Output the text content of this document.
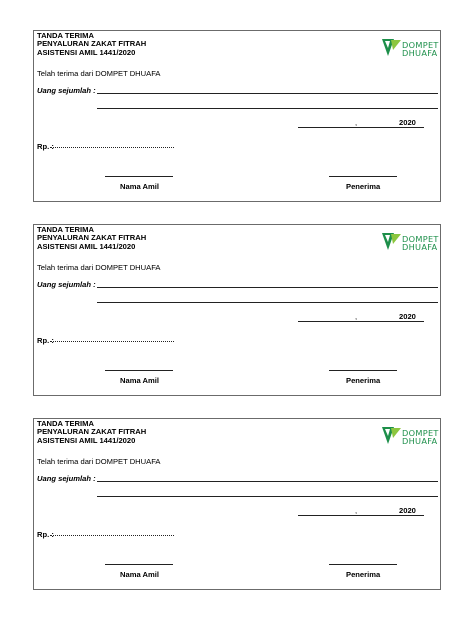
TANDA TERIMA
PENYALURAN ZAKAT FITRAH
ASISTENSI AMIL 1441/2020
DOMPET
DHUAFA
Telah terima dari DOMPET DHUAFA
Uang sejumlah :
,	2020
Rp. :
Nama Amil	Penerima
TANDA TERIMA
PENYALURAN ZAKAT FITRAH
ASISTENSI AMIL 1441/2020
DOMPET
DHUAFA
Telah terima dari DOMPET DHUAFA
Uang sejumlah :
,	2020
Rp. :
Nama Amil	Penerima
TANDA TERIMA
PENYALURAN ZAKAT FITRAH
ASISTENSI AMIL 1441/2020
DOMPET
DHUAFA
Telah terima dari DOMPET DHUAFA
Uang sejumlah :
,	2020
Rp. :
Nama Amil	Penerima
